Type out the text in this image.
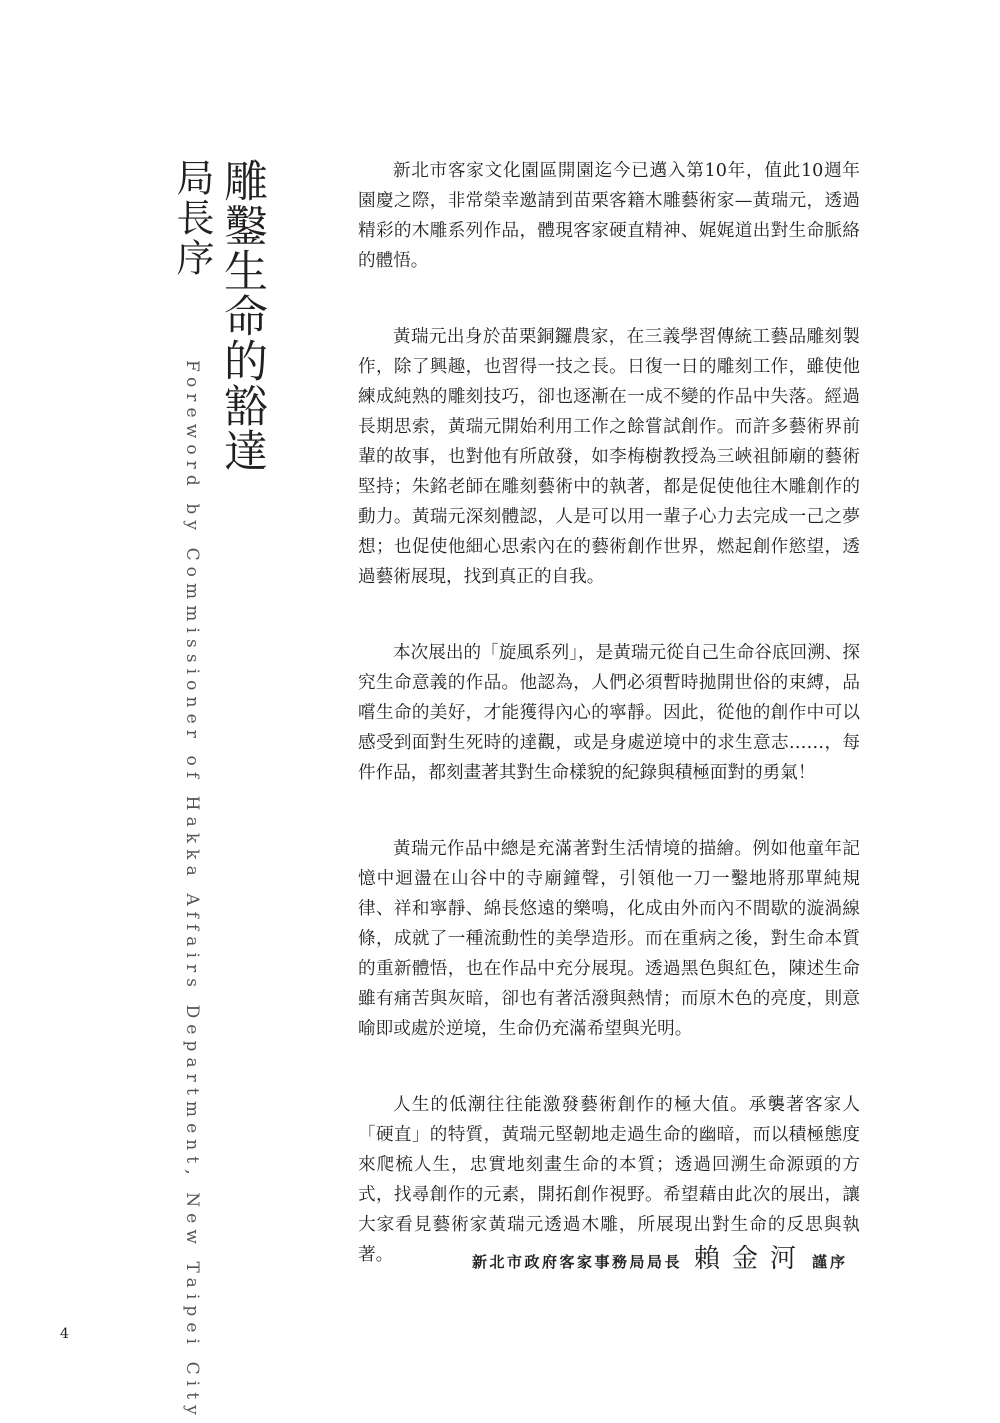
雕鑿生命的豁達
局長序
Foreword by Commissioner of Hakka Affairs Department, New Taipei City

新北市客家文化園區開園迄今已邁入第10年，值此10週年園慶之際，非常榮幸邀請到苗栗客籍木雕藝術家—黃瑞元，透過精彩的木雕系列作品，體現客家硬直精神、娓娓道出對生命脈絡的體悟。

黃瑞元出身於苗栗銅鑼農家，在三義學習傳統工藝品雕刻製作，除了興趣，也習得一技之長。日復一日的雕刻工作，雖使他練成純熟的雕刻技巧，卻也逐漸在一成不變的作品中失落。經過長期思索，黃瑞元開始利用工作之餘嘗試創作。而許多藝術界前輩的故事，也對他有所啟發，如李梅樹教授為三峽祖師廟的藝術堅持；朱銘老師在雕刻藝術中的執著，都是促使他往木雕創作的動力。黃瑞元深刻體認，人是可以用一輩子心力去完成一己之夢想；也促使他細心思索內在的藝術創作世界，燃起創作慾望，透過藝術展現，找到真正的自我。

本次展出的「旋風系列」，是黃瑞元從自己生命谷底回溯、探究生命意義的作品。他認為，人們必須暫時拋開世俗的束縛，品嚐生命的美好，才能獲得內心的寧靜。因此，從他的創作中可以感受到面對生死時的達觀，或是身處逆境中的求生意志……，每件作品，都刻畫著其對生命樣貌的紀錄與積極面對的勇氣！

黃瑞元作品中總是充滿著對生活情境的描繪。例如他童年記憶中迴盪在山谷中的寺廟鐘聲，引領他一刀一鑿地將那單純規律、祥和寧靜、綿長悠遠的樂鳴，化成由外而內不間歇的漩渦線條，成就了一種流動性的美學造形。而在重病之後，對生命本質的重新體悟，也在作品中充分展現。透過黑色與紅色，陳述生命雖有痛苦與灰暗，卻也有著活潑與熱情；而原木色的亮度，則意喻即或處於逆境，生命仍充滿希望與光明。

人生的低潮往往能激發藝術創作的極大值。承襲著客家人「硬直」的特質，黃瑞元堅韌地走過生命的幽暗，而以積極態度來爬梳人生，忠實地刻畫生命的本質；透過回溯生命源頭的方式，找尋創作的元素，開拓創作視野。希望藉由此次的展出，讓大家看見藝術家黃瑞元透過木雕，所展現出對生命的反思與執著。	新北市政府客家事務局局長 賴金河 謹序
4
